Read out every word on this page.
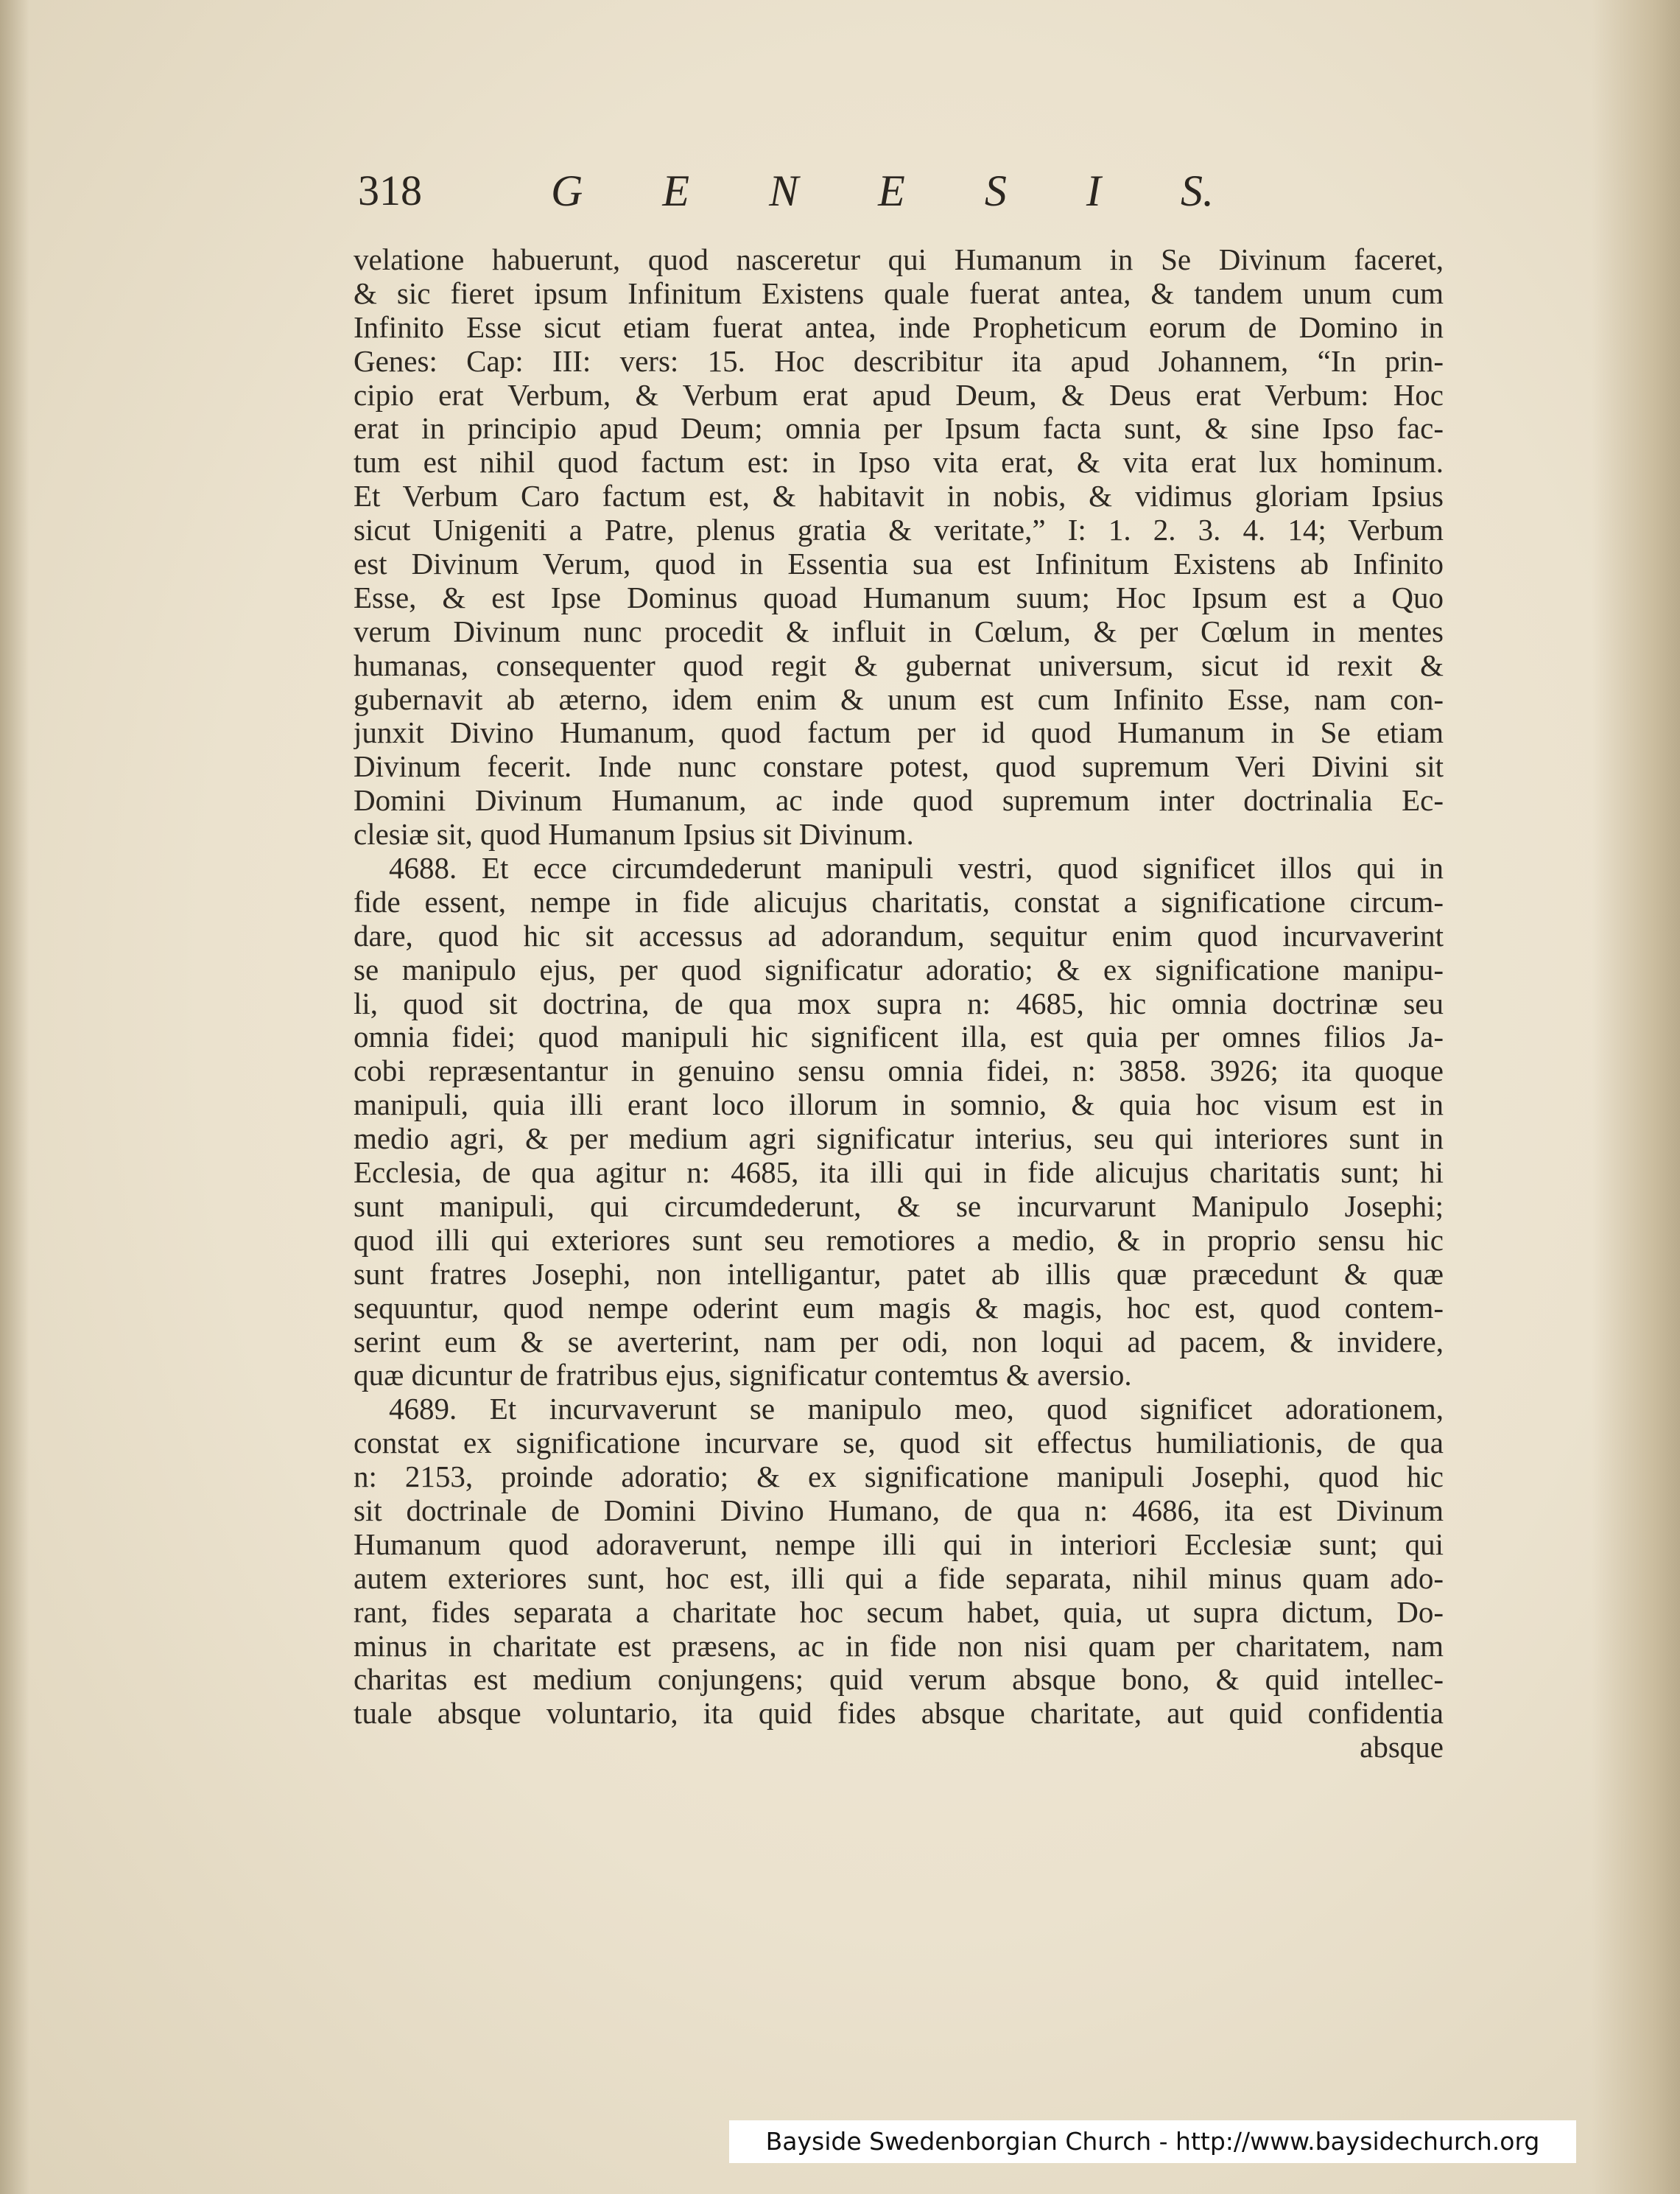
318	G E N E S I S.
velatione habuerunt, quod nasceretur qui Humanum in Se Divinum faceret,
& sic fieret ipsum Infinitum Existens quale fuerat antea, & tandem unum cum
Infinito Esse sicut etiam fuerat antea, inde Propheticum eorum de Domino in
Genes: Cap: III: vers: 15. Hoc describitur ita apud Johannem, “In prin-
cipio erat Verbum, & Verbum erat apud Deum, & Deus erat Verbum: Hoc
erat in principio apud Deum; omnia per Ipsum facta sunt, & sine Ipso fac-
tum est nihil quod factum est: in Ipso vita erat, & vita erat lux hominum.
Et Verbum Caro factum est, & habitavit in nobis, & vidimus gloriam Ipsius
sicut Unigeniti a Patre, plenus gratia & veritate,” I: 1. 2. 3. 4. 14; Verbum
est Divinum Verum, quod in Essentia sua est Infinitum Existens ab Infinito
Esse, & est Ipse Dominus quoad Humanum suum; Hoc Ipsum est a Quo
verum Divinum nunc procedit & influit in Cœlum, & per Cœlum in mentes
humanas, consequenter quod regit & gubernat universum, sicut id rexit &
gubernavit ab æterno, idem enim & unum est cum Infinito Esse, nam con-
junxit Divino Humanum, quod factum per id quod Humanum in Se etiam
Divinum fecerit. Inde nunc constare potest, quod supremum Veri Divini sit
Domini Divinum Humanum, ac inde quod supremum inter doctrinalia Ec-
clesiæ sit, quod Humanum Ipsius sit Divinum.
4688. Et ecce circumdederunt manipuli vestri, quod significet illos qui in
fide essent, nempe in fide alicujus charitatis, constat a significatione circum-
dare, quod hic sit accessus ad adorandum, sequitur enim quod incurvaverint
se manipulo ejus, per quod significatur adoratio; & ex significatione manipu-
li, quod sit doctrina, de qua mox supra n: 4685, hic omnia doctrinæ seu
omnia fidei; quod manipuli hic significent illa, est quia per omnes filios Ja-
cobi repræsentantur in genuino sensu omnia fidei, n: 3858. 3926; ita quoque
manipuli, quia illi erant loco illorum in somnio, & quia hoc visum est in
medio agri, & per medium agri significatur interius, seu qui interiores sunt in
Ecclesia, de qua agitur n: 4685, ita illi qui in fide alicujus charitatis sunt; hi
sunt manipuli, qui circumdederunt, & se incurvarunt Manipulo Josephi;
quod illi qui exteriores sunt seu remotiores a medio, & in proprio sensu hic
sunt fratres Josephi, non intelligantur, patet ab illis quæ præcedunt & quæ
sequuntur, quod nempe oderint eum magis & magis, hoc est, quod contem-
serint eum & se averterint, nam per odi, non loqui ad pacem, & invidere,
quæ dicuntur de fratribus ejus, significatur contemtus & aversio.
4689. Et incurvaverunt se manipulo meo, quod significet adorationem,
constat ex significatione incurvare se, quod sit effectus humiliationis, de qua
n: 2153, proinde adoratio; & ex significatione manipuli Josephi, quod hic
sit doctrinale de Domini Divino Humano, de qua n: 4686, ita est Divinum
Humanum quod adoraverunt, nempe illi qui in interiori Ecclesiæ sunt; qui
autem exteriores sunt, hoc est, illi qui a fide separata, nihil minus quam ado-
rant, fides separata a charitate hoc secum habet, quia, ut supra dictum, Do-
minus in charitate est præsens, ac in fide non nisi quam per charitatem, nam
charitas est medium conjungens; quid verum absque bono, & quid intellec-
tuale absque voluntario, ita quid fides absque charitate, aut quid confidentia
absque
Bayside Swedenborgian Church - http://www.baysidechurch.org
